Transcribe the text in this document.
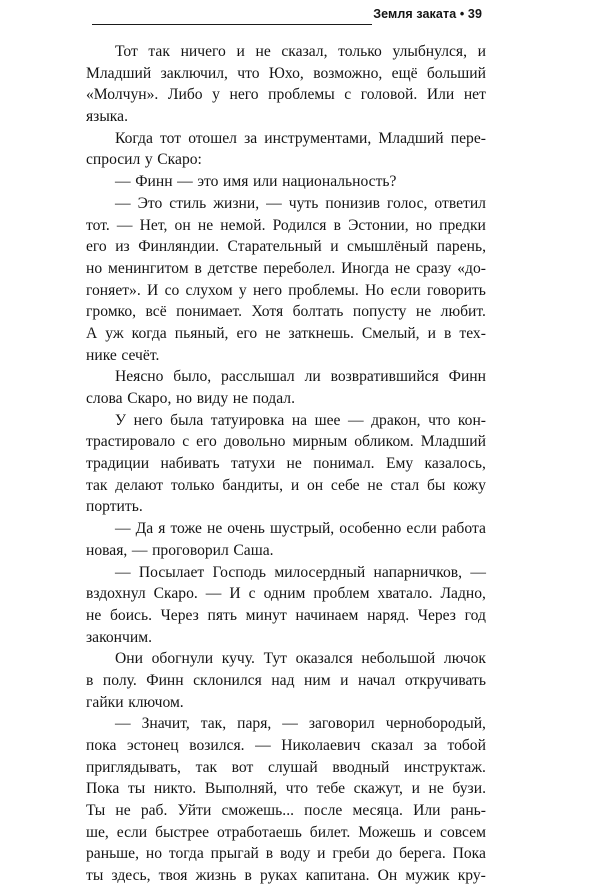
Земля заката • 39
Тот так ничего и не сказал, только улыбнулся, и
Младший заключил, что Юхо, возможно, ещё больший
«Молчун». Либо у него проблемы с головой. Или нет
языка.
Когда тот отошел за инструментами, Младший пере-
спросил у Скаро:
— Финн — это имя или национальность?
— Это стиль жизни, — чуть понизив голос, ответил
тот. — Нет, он не немой. Родился в Эстонии, но предки
его из Финляндии. Старательный и смышлёный парень,
но менингитом в детстве переболел. Иногда не сразу «до-
гоняет». И со слухом у него проблемы. Но если говорить
громко, всё понимает. Хотя болтать попусту не любит.
А уж когда пьяный, его не заткнешь. Смелый, и в тех-
нике сечёт.
Неясно было, расслышал ли возвратившийся Финн
слова Скаро, но виду не подал.
У него была татуировка на шее — дракон, что кон-
трастировало с его довольно мирным обликом. Младший
традиции набивать татухи не понимал. Ему казалось,
так делают только бандиты, и он себе не стал бы кожу
портить.
— Да я тоже не очень шустрый, особенно если работа
новая, — проговорил Саша.
— Посылает Господь милосердный напарничков, —
вздохнул Скаро. — И с одним проблем хватало. Ладно,
не боись. Через пять минут начинаем наряд. Через год
закончим.
Они обогнули кучу. Тут оказался небольшой лючок
в полу. Финн склонился над ним и начал откручивать
гайки ключом.
— Значит, так, паря, — заговорил чернобородый,
пока эстонец возился. — Николаевич сказал за тобой
приглядывать, так вот слушай вводный инструктаж.
Пока ты никто. Выполняй, что тебе скажут, и не бузи.
Ты не раб. Уйти сможешь... после месяца. Или рань-
ше, если быстрее отработаешь билет. Можешь и совсем
раньше, но тогда прыгай в воду и греби до берега. Пока
ты здесь, твоя жизнь в руках капитана. Он мужик кру-
